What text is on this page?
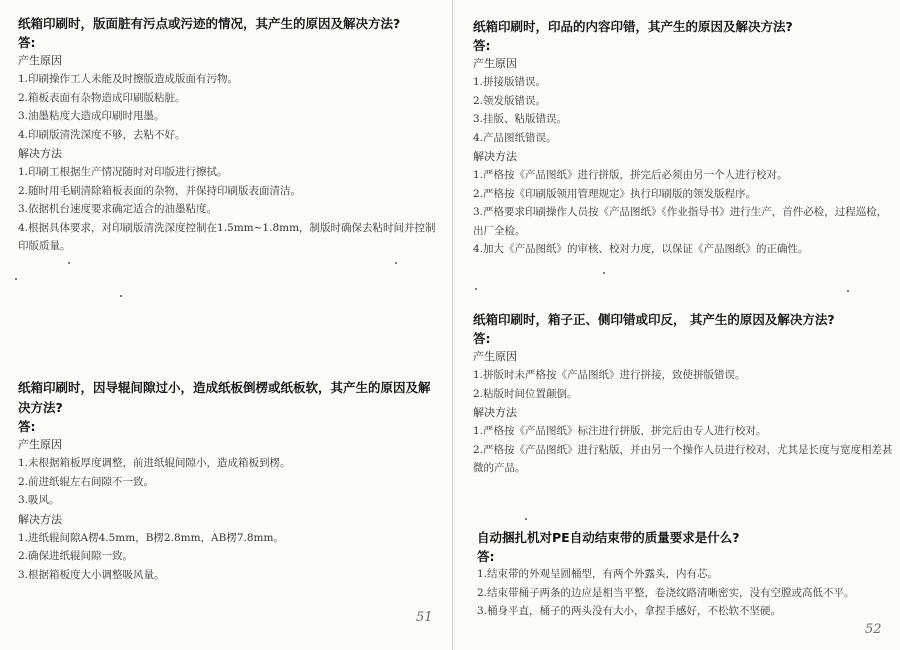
纸箱印刷时，版面脏有污点或污迹的情况，其产生的原因及解决方法?

答:
产生原因
1.印刷操作工人未能及时擦版造成版面有污物。
2.箱板表面有杂物造成印刷版粘脏。
3.油墨粘度大造成印刷时甩墨。
4.印刷版清洗深度不够，去粘不好。
解决方法
1.印刷工根据生产情况随时对印版进行擦拭。
2.随时用毛刷清除箱板表面的杂物，并保持印刷版表面清洁。
3.依据机台速度要求确定适合的油墨粘度。
4.根据具体要求，对印刷版清洗深度控制在1.5mm~1.8mm，制版时确保去粘时间并控制印版质量。

纸箱印刷时，因导辊间隙过小，造成纸板倒楞或纸板软，其产生的原因及解决方法?

答:
产生原因
1.未根据箱板厚度调整，前进纸辊间隙小，造成箱板到楞。
2.前进纸辊左右间隙不一致。
3.吸风。
解决方法
1.进纸辊间隙A楞4.5mm，B楞2.8mm，AB楞7.8mm。
2.确保进纸辊间隙一致。
3.根据箱板度大小调整吸风量。
51

纸箱印刷时，印品的内容印错，其产生的原因及解决方法?

答:
产生原因
1.拼接版错误。
2.领发版错误。
3.挂版、粘版错误。
4.产品图纸错误。
解决方法
1.严格按《产品图纸》进行拼版，拼完后必须由另一个人进行校对。
2.严格按《印刷版领用管理规定》执行印刷版的领发版程序。
3.严格要求印刷操作人员按《产品图纸》《作业指导书》进行生产，首件必检，过程巡检，出厂全检。
4.加大《产品图纸》的审核、校对力度，以保证《产品图纸》的正确性。

纸箱印刷时，箱子正、侧印错或印反， 其产生的原因及解决方法?

答:
产生原因
1.拼版时未严格按《产品图纸》进行拼接，致使拼版错误。
2.粘版时间位置颠倒。
解决方法
1.严格按《产品图纸》标注进行拼版，拼完后由专人进行校对。
2.严格按《产品图纸》进行粘版，并由另一个操作人员进行校对，尤其是长度与宽度相差甚微的产品。

自动捆扎机对PE自动结束带的质量要求是什么?

答:
1.结束带的外观呈圆桶型，有两个外露头，内有芯。
2.结束带桶子两条的边应是相当平整，卷浇纹路清晰密实，没有空膛或高低不平。
3.桶身平直，桶子的两头没有大小，拿捏手感好，不松软不坚硬。
52
